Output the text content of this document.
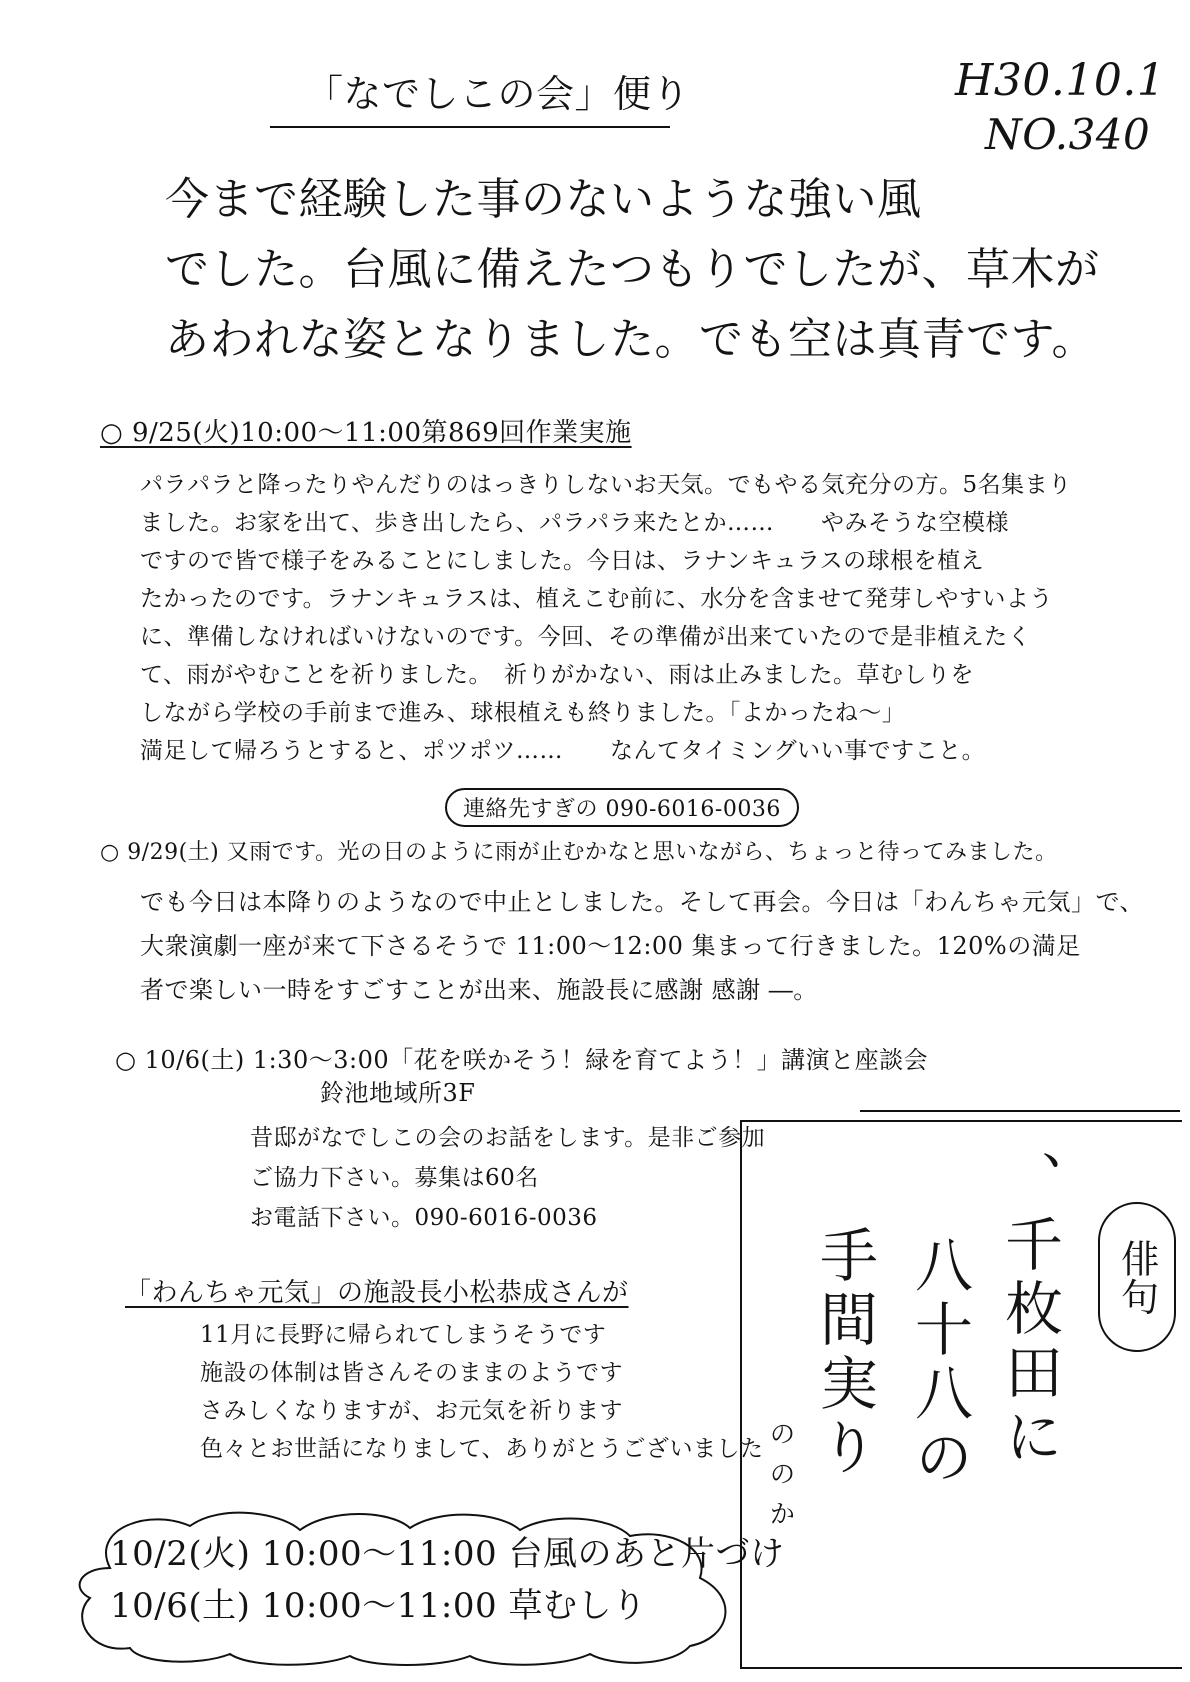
「なでしこの会」便り	H30.10.1
NO.340
今まで経験した事のないような強い風
でした。台風に備えたつもりでしたが、草木が
あわれな姿となりました。でも空は真青です。
○ 9/25(火)10:00〜11:00第869回作業実施
パラパラと降ったりやんだりのはっきりしないお天気。でもやる気充分の方。5名集まり
ました。お家を出て、歩き出したら、パラパラ来たとか……　　やみそうな空模様
ですので皆で様子をみることにしました。今日は、ラナンキュラスの球根を植え
たかったのです。ラナンキュラスは、植えこむ前に、水分を含ませて発芽しやすいよう
に、準備しなければいけないのです。今回、その準備が出来ていたので是非植えたく
て、雨がやむことを祈りました。　祈りがかない、雨は止みました。草むしりを
しながら学校の手前まで進み、球根植えも終りました。「よかったね〜」
満足して帰ろうとすると、ポツポツ……　　なんてタイミングいい事ですこと。
連絡先すぎの 090-6016-0036
○ 9/29(土) 又雨です。光の日のように雨が止むかなと思いながら、ちょっと待ってみました。
でも今日は本降りのようなので中止としました。そして再会。今日は「わんちゃ元気」で、
大衆演劇一座が来て下さるそうで 11:00〜12:00 集まって行きました。120%の満足
者で楽しい一時をすごすことが出来、施設長に感謝 感謝 ―。
○ 10/6(土) 1:30〜3:00「花を咲かそう！緑を育てよう！」講演と座談会
鈴池地域所3F
昔邸がなでしこの会のお話をします。是非ご参加
ご協力下さい。募集は60名
お電話下さい。090-6016-0036
「わんちゃ元気」の施設長小松恭成さんが
11月に長野に帰られてしまうそうです
施設の体制は皆さんそのままのようです
さみしくなりますが、お元気を祈ります
色々とお世話になりまして、ありがとうございました
10/2(火) 10:00〜11:00 台風のあと片づけ
10/6(土) 10:00〜11:00 草むしり
俳句
、千枚田に
八十八の
手間実り
ののか
